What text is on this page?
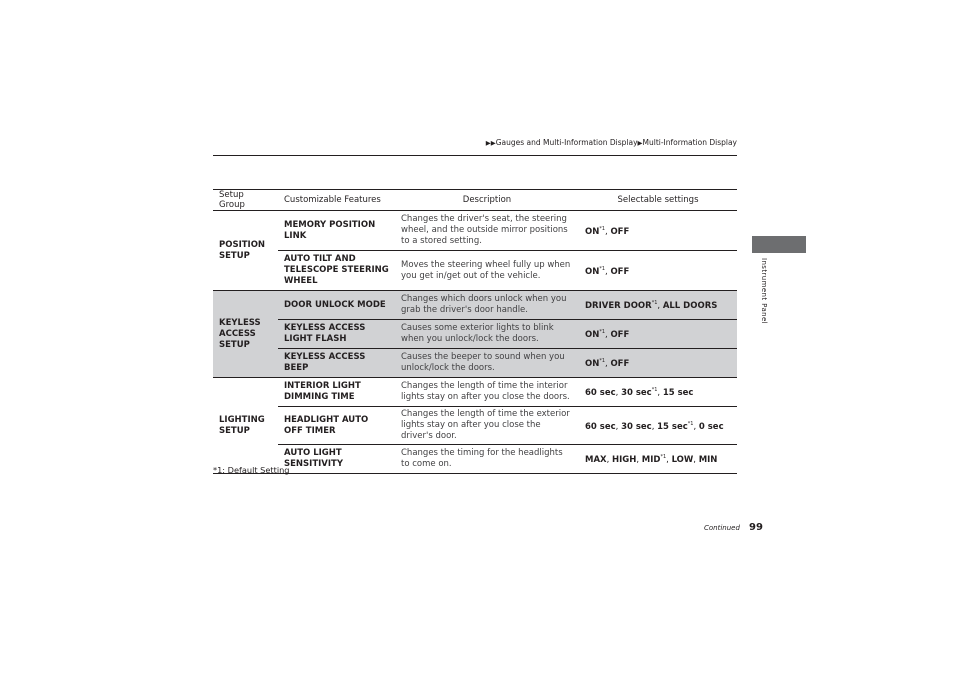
▶▶Gauges and Multi-Information Display▶Multi-Information Display
Instrument Panel
Setup Group	Customizable Features	Description	Selectable settings
POSITION SETUP	MEMORY POSITION LINK	Changes the driver's seat, the steering wheel, and the outside mirror positions to a stored setting.	ON$^{*1}$, OFF
	AUTO TILT AND TELESCOPE STEERING WHEEL	Moves the steering wheel fully up when you get in/get out of the vehicle.	ON$^{*1}$, OFF
KEYLESS ACCESS SETUP	DOOR UNLOCK MODE	Changes which doors unlock when you grab the driver's door handle.	DRIVER DOOR$^{*1}$, ALL DOORS
	KEYLESS ACCESS LIGHT FLASH	Causes some exterior lights to blink when you unlock/lock the doors.	ON$^{*1}$, OFF
	KEYLESS ACCESS BEEP	Causes the beeper to sound when you unlock/lock the doors.	ON$^{*1}$, OFF
LIGHTING SETUP	INTERIOR LIGHT DIMMING TIME	Changes the length of time the interior lights stay on after you close the doors.	60 sec, 30 $\sec^{*1}$, 15 sec
	HEADLIGHT AUTO OFF TIMER	Changes the length of time the exterior lights stay on after you close the driver's door.	60 sec, 30 sec, 15 $\sec^{*1}$, 0 sec
	AUTO LIGHT SENSITIVITY	Changes the timing for the headlights to come on.	MAX, HIGH, MID$^{*1}$, LOW, MIN
*1: Default Setting
Continued 99
